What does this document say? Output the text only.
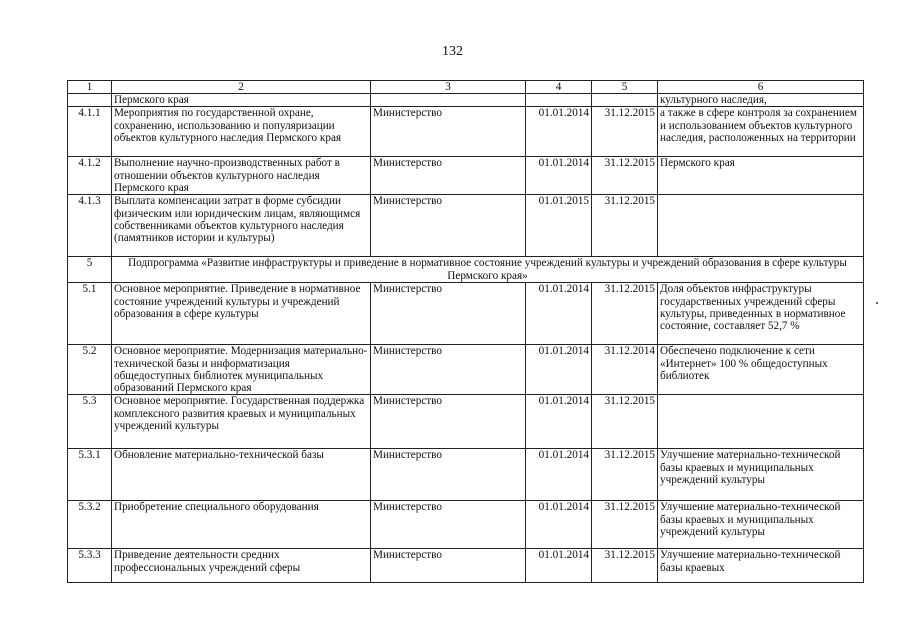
132
1	2	3	4	5	6
	Пермского края				культурного наследия,
4.1.1	Мероприятия по государственной охране, сохранению, использованию и популяризации объектов культурного наследия Пермского края	Министерство	01.01.2014	31.12.2015	а также в сфере контроля за сохранением и использованием объектов культурного наследия, расположенных на территории
4.1.2	Выполнение научно-производственных работ в отношении объектов культурного наследия Пермского края	Министерство	01.01.2014	31.12.2015	Пермского края
4.1.3	Выплата компенсации затрат в форме субсидии физическим или юридическим лицам, являющимся собственниками объектов культурного наследия (памятников истории и культуры)	Министерство	01.01.2015	31.12.2015	
5	Подпрограмма «Развитие инфраструктуры и приведение в нормативное состояние учреждений культуры и учреждений образования в сфере культуры Пермского края»				
5.1	Основное мероприятие. Приведение в нормативное состояние учреждений культуры и учреждений образования в сфере культуры	Министерство	01.01.2014	31.12.2015	Доля объектов инфраструктуры государственных учреждений сферы культуры, приведенных в нормативное состояние, составляет 52,7 %
5.2	Основное мероприятие. Модернизация материально-технической базы и информатизация общедоступных библиотек муниципальных образований Пермского края	Министерство	01.01.2014	31.12.2014	Обеспечено подключение к сети «Интернет» 100 % общедоступных библиотек
5.3	Основное мероприятие. Государственная поддержка комплексного развития краевых и муниципальных учреждений культуры	Министерство	01.01.2014	31.12.2015	
5.3.1	Обновление материально-технической базы	Министерство	01.01.2014	31.12.2015	Улучшение материально-технической базы краевых и муниципальных учреждений культуры
5.3.2	Приобретение специального оборудования	Министерство	01.01.2014	31.12.2015	Улучшение материально-технической базы краевых и муниципальных учреждений культуры
5.3.3	Приведение деятельности средних профессиональных учреждений сферы	Министерство	01.01.2014	31.12.2015	Улучшение материально-технической базы краевых
